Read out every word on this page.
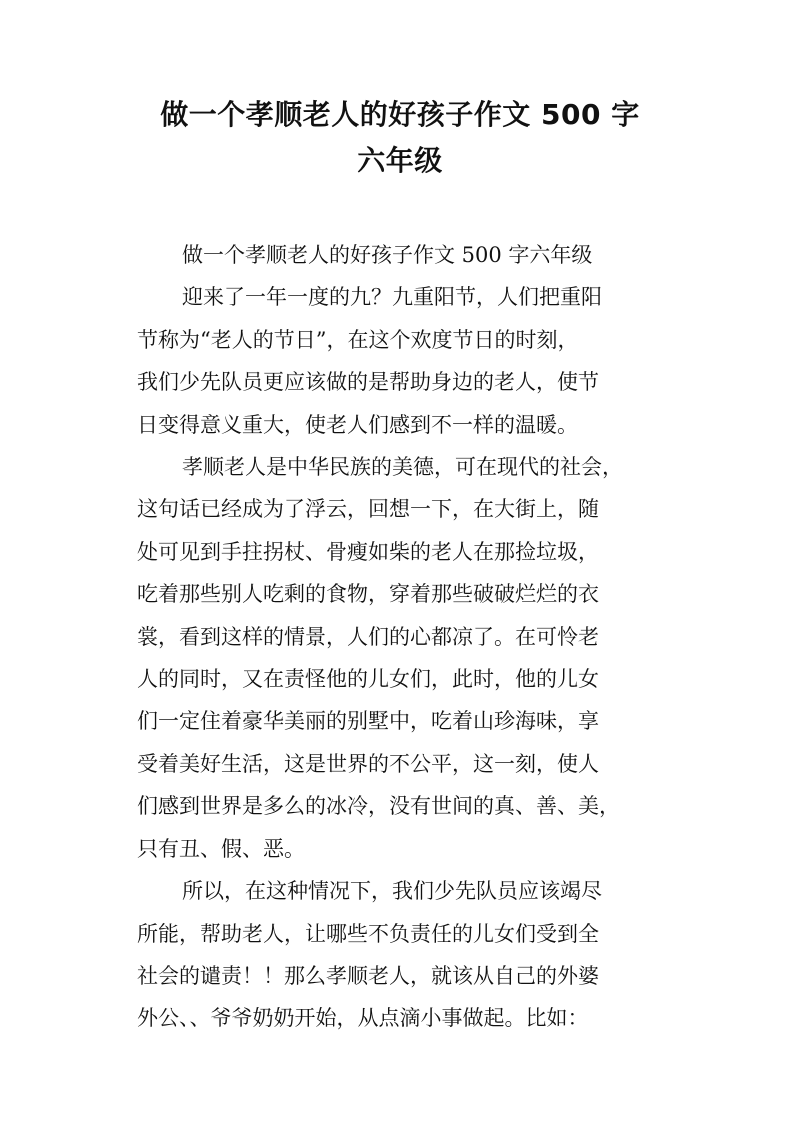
做一个孝顺老人的好孩子作文 500 字
六年级
做一个孝顺老人的好孩子作文 500 字六年级
迎来了一年一度的九？九重阳节，人们把重阳
节称为“老人的节日”，在这个欢度节日的时刻，
我们少先队员更应该做的是帮助身边的老人，使节
日变得意义重大，使老人们感到不一样的温暖。
孝顺老人是中华民族的美德，可在现代的社会，
这句话已经成为了浮云，回想一下，在大街上，随
处可见到手拄拐杖、骨瘦如柴的老人在那捡垃圾，
吃着那些别人吃剩的食物，穿着那些破破烂烂的衣
裳，看到这样的情景，人们的心都凉了。在可怜老
人的同时，又在责怪他的儿女们，此时，他的儿女
们一定住着豪华美丽的别墅中，吃着山珍海味，享
受着美好生活，这是世界的不公平，这一刻，使人
们感到世界是多么的冰冷，没有世间的真、善、美，
只有丑、假、恶。
所以，在这种情况下，我们少先队员应该竭尽
所能，帮助老人，让哪些不负责任的儿女们受到全
社会的谴责！！那么孝顺老人，就该从自己的外婆
外公、、爷爷奶奶开始，从点滴小事做起。比如：
